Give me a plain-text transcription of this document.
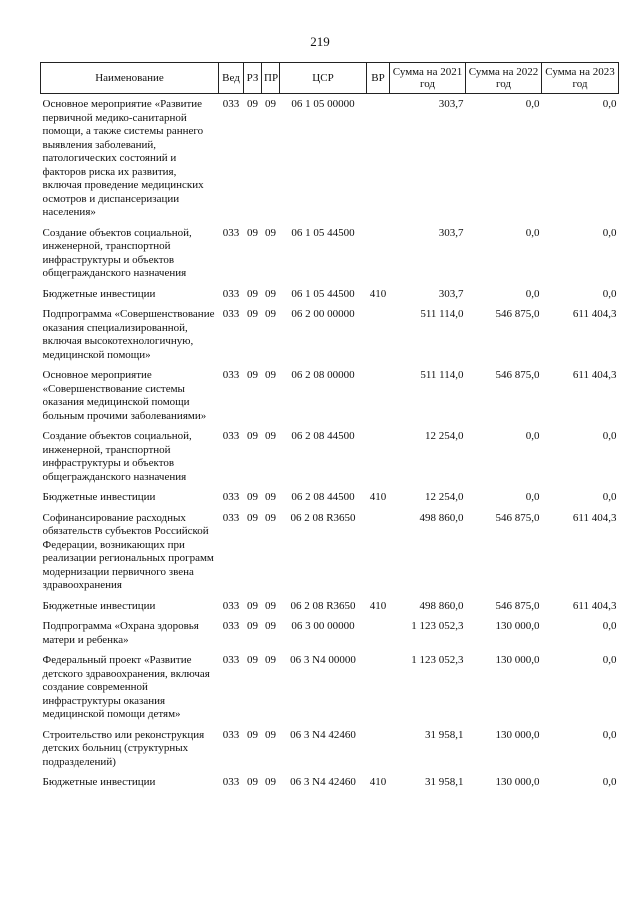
219
Наименование	Вед	РЗ	ПР	ЦСР	ВР	Сумма на 2021 год	Сумма на 2022 год	Сумма на 2023 год
Основное мероприятие «Развитие первичной медико-санитарной помощи, а также системы раннего выявления заболеваний, патологических состояний и факторов риска их развития, включая проведение медицинских осмотров и диспансеризации населения»	033	09	09	06 1 05 00000		303,7	0,0	0,0
Создание объектов социальной, инженерной, транспортной инфраструктуры и объектов общегражданского назначения	033	09	09	06 1 05 44500		303,7	0,0	0,0
Бюджетные инвестиции	033	09	09	06 1 05 44500	410	303,7	0,0	0,0
Подпрограмма «Совершенствование оказания специализированной, включая высокотехнологичную, медицинской помощи»	033	09	09	06 2 00 00000		511 114,0	546 875,0	611 404,3
Основное мероприятие «Совершенствование системы оказания медицинской помощи больным прочими заболеваниями»	033	09	09	06 2 08 00000		511 114,0	546 875,0	611 404,3
Создание объектов социальной, инженерной, транспортной инфраструктуры и объектов общегражданского назначения	033	09	09	06 2 08 44500		12 254,0	0,0	0,0
Бюджетные инвестиции	033	09	09	06 2 08 44500	410	12 254,0	0,0	0,0
Софинансирование расходных обязательств субъектов Российской Федерации, возникающих при реализации региональных программ модернизации первичного звена здравоохранения	033	09	09	06 2 08 R3650		498 860,0	546 875,0	611 404,3
Бюджетные инвестиции	033	09	09	06 2 08 R3650	410	498 860,0	546 875,0	611 404,3
Подпрограмма «Охрана здоровья матери и ребенка»	033	09	09	06 3 00 00000		1 123 052,3	130 000,0	0,0
Федеральный проект «Развитие детского здравоохранения, включая создание современной инфраструктуры оказания медицинской помощи детям»	033	09	09	06 3 N4 00000		1 123 052,3	130 000,0	0,0
Строительство или реконструкция детских больниц (структурных подразделений)	033	09	09	06 3 N4 42460		31 958,1	130 000,0	0,0
Бюджетные инвестиции	033	09	09	06 3 N4 42460	410	31 958,1	130 000,0	0,0
